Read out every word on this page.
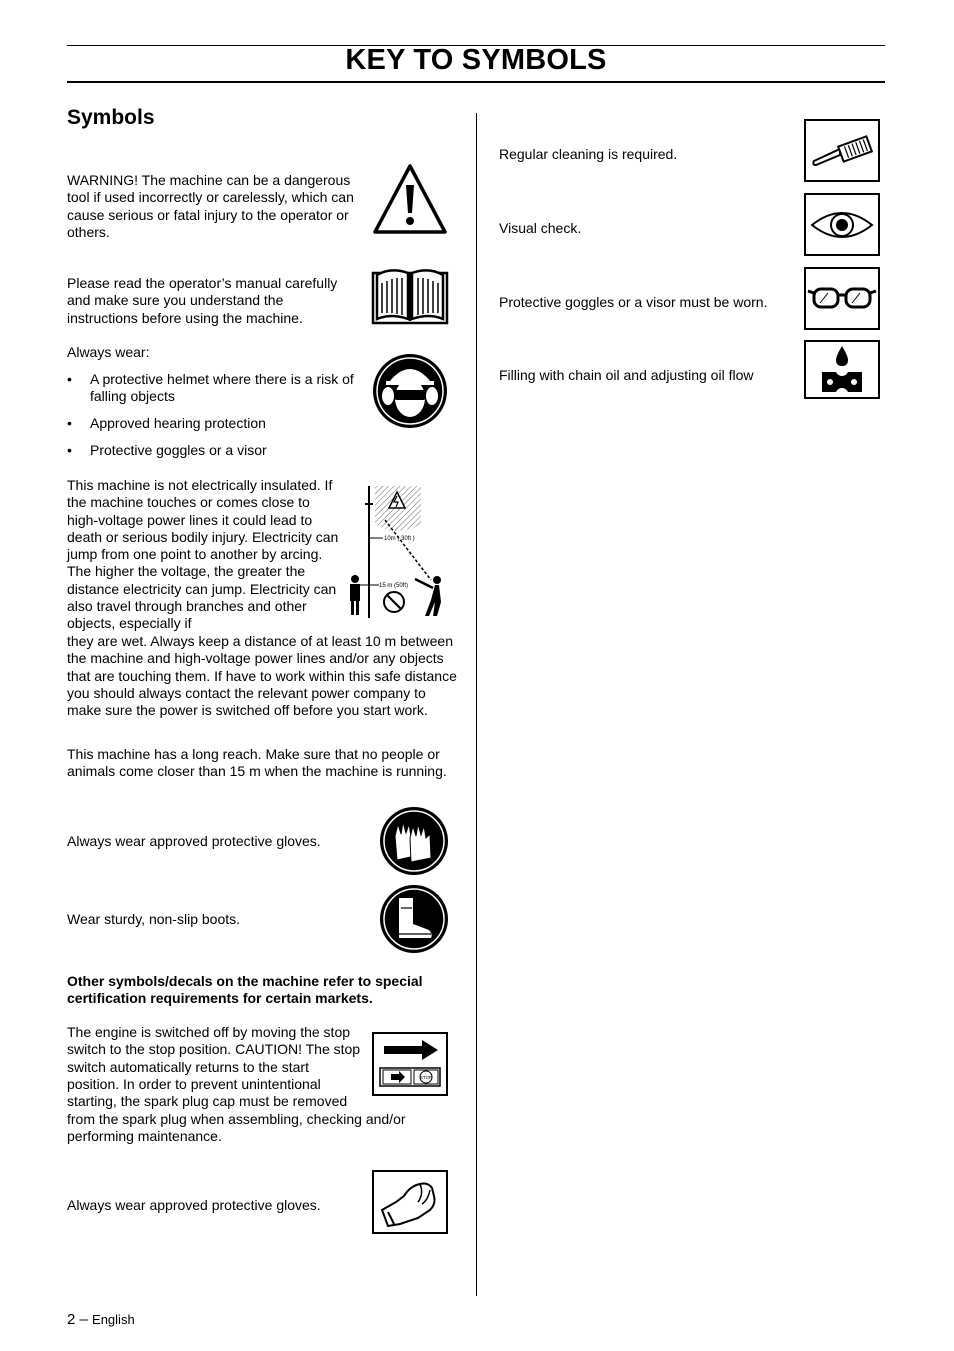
KEY TO SYMBOLS
Symbols
WARNING! The machine can be a dangerous tool if used incorrectly or carelessly, which can cause serious or fatal injury to the operator or others.
Please read the operator’s manual carefully and make sure you understand the instructions before using the machine.
Always wear:
• A protective helmet where there is a risk of falling objects
• Approved hearing protection
• Protective goggles or a visor
This machine is not electrically insulated. If the machine touches or comes close to high-voltage power lines it could lead to death or serious bodily injury. Electricity can jump from one point to another by arcing. The higher the voltage, the greater the distance electricity can jump. Electricity can also travel through branches and other objects, especially if
they are wet. Always keep a distance of at least 10 m between the machine and high-voltage power lines and/or any objects that are touching them. If have to work within this safe distance you should always contact the relevant power company to make sure the power is switched off before you start work.
10m ( 30ft )
15 m (50ft)
This machine has a long reach. Make sure that no people or animals come closer than 15 m when the machine is running.
Always wear approved protective gloves.
Wear sturdy, non-slip boots.
Other symbols/decals on the machine refer to special certification requirements for certain markets.
The engine is switched off by moving the stop switch to the stop position. CAUTION! The stop switch automatically returns to the start position. In order to prevent unintentional starting, the spark plug cap must be removed
from the spark plug when assembling, checking and/or performing maintenance.
STOP
Always wear approved protective gloves.
Regular cleaning is required.
Visual check.
Protective goggles or a visor must be worn.
Filling with chain oil and adjusting oil flow
2 – English
